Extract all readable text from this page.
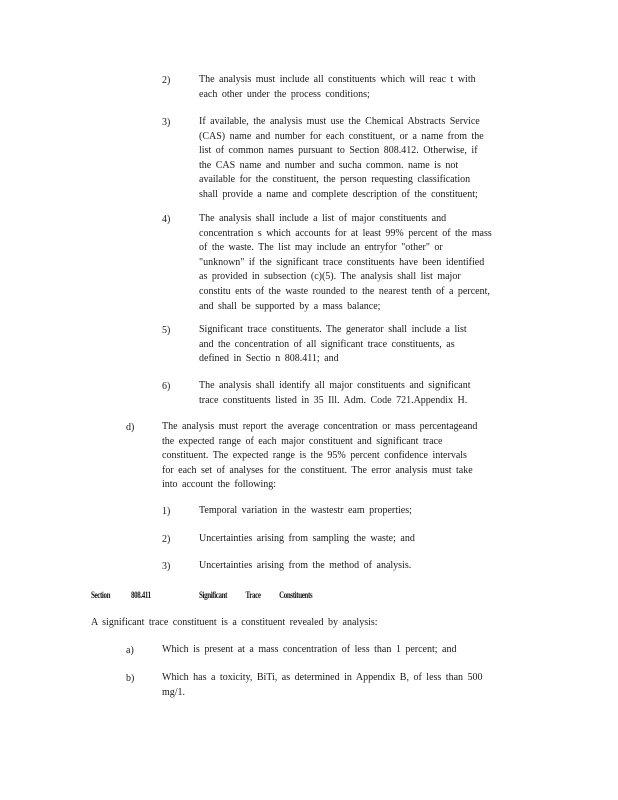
2)	The analysis must include all constituents which will reac t with
each other under the process conditions;
3)	If available, the analysis must use the Chemical Abstracts Service
(CAS) name and number for each constituent, or a name from the
list of common names pursuant to Section 808.412. Otherwise, if
the CAS name and number and sucha common. name is not
available for the constituent, the person requesting classification
shall provide a name and complete description of the constituent;
4)	The analysis shall include a list of major constituents and
concentration s which accounts for at least 99% percent of the mass
of the waste. The list may include an entryfor "other" or
"unknown" if the significant trace constituents have been identified
as provided in subsection (c)(5). The analysis shall list major
constitu ents of the waste rounded to the nearest tenth of a percent,
and shall be supported by a mass balance;
5)	Significant trace constituents. The generator shall include a list
and the concentration of all significant trace constituents, as
defined in Sectio n 808.411; and
6)	The analysis shall identify all major constituents and significant
trace constituents listed in 35 Ill. Adm. Code 721.Appendix H.
d)	The analysis must report the average concentration or mass percentageand
the expected range of each major constituent and significant trace
constituent. The expected range is the 95% percent confidence intervals
for each set of analyses for the constituent. The error analysis must take
into account the following:
1)	Temporal variation in the wastestr eam properties;
2)	Uncertainties arising from sampling the waste; and
3)	Uncertainties arising from the method of analysis.
Section 808.411	Significant Trace Constituents
A significant trace constituent is a constituent revealed by analysis:
a)	Which is present at a mass concentration of less than 1 percent; and
b)	Which has a toxicity, BiTi, as determined in Appendix B, of less than 500
mg/1.
